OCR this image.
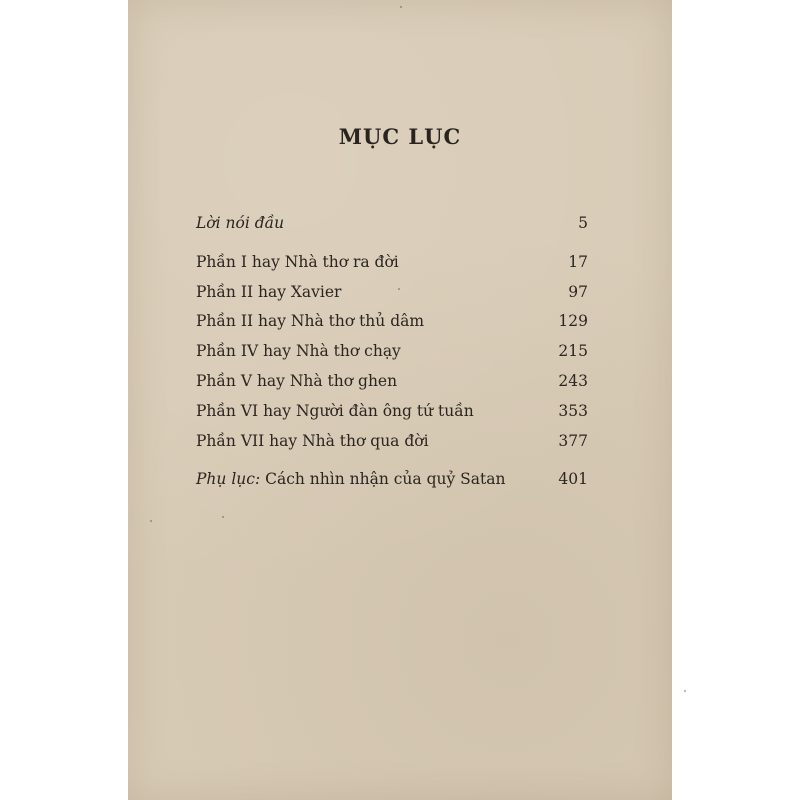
MỤC LỤC
Lời nói đầu	5
Phần I hay Nhà thơ ra đời	17
Phần II hay Xavier	97
Phần II hay Nhà thơ thủ dâm	129
Phần IV hay Nhà thơ chạy	215
Phần V hay Nhà thơ ghen	243
Phần VI hay Người đàn ông tứ tuần	353
Phần VII hay Nhà thơ qua đời	377
Phụ lục: Cách nhìn nhận của quỷ Satan	401
